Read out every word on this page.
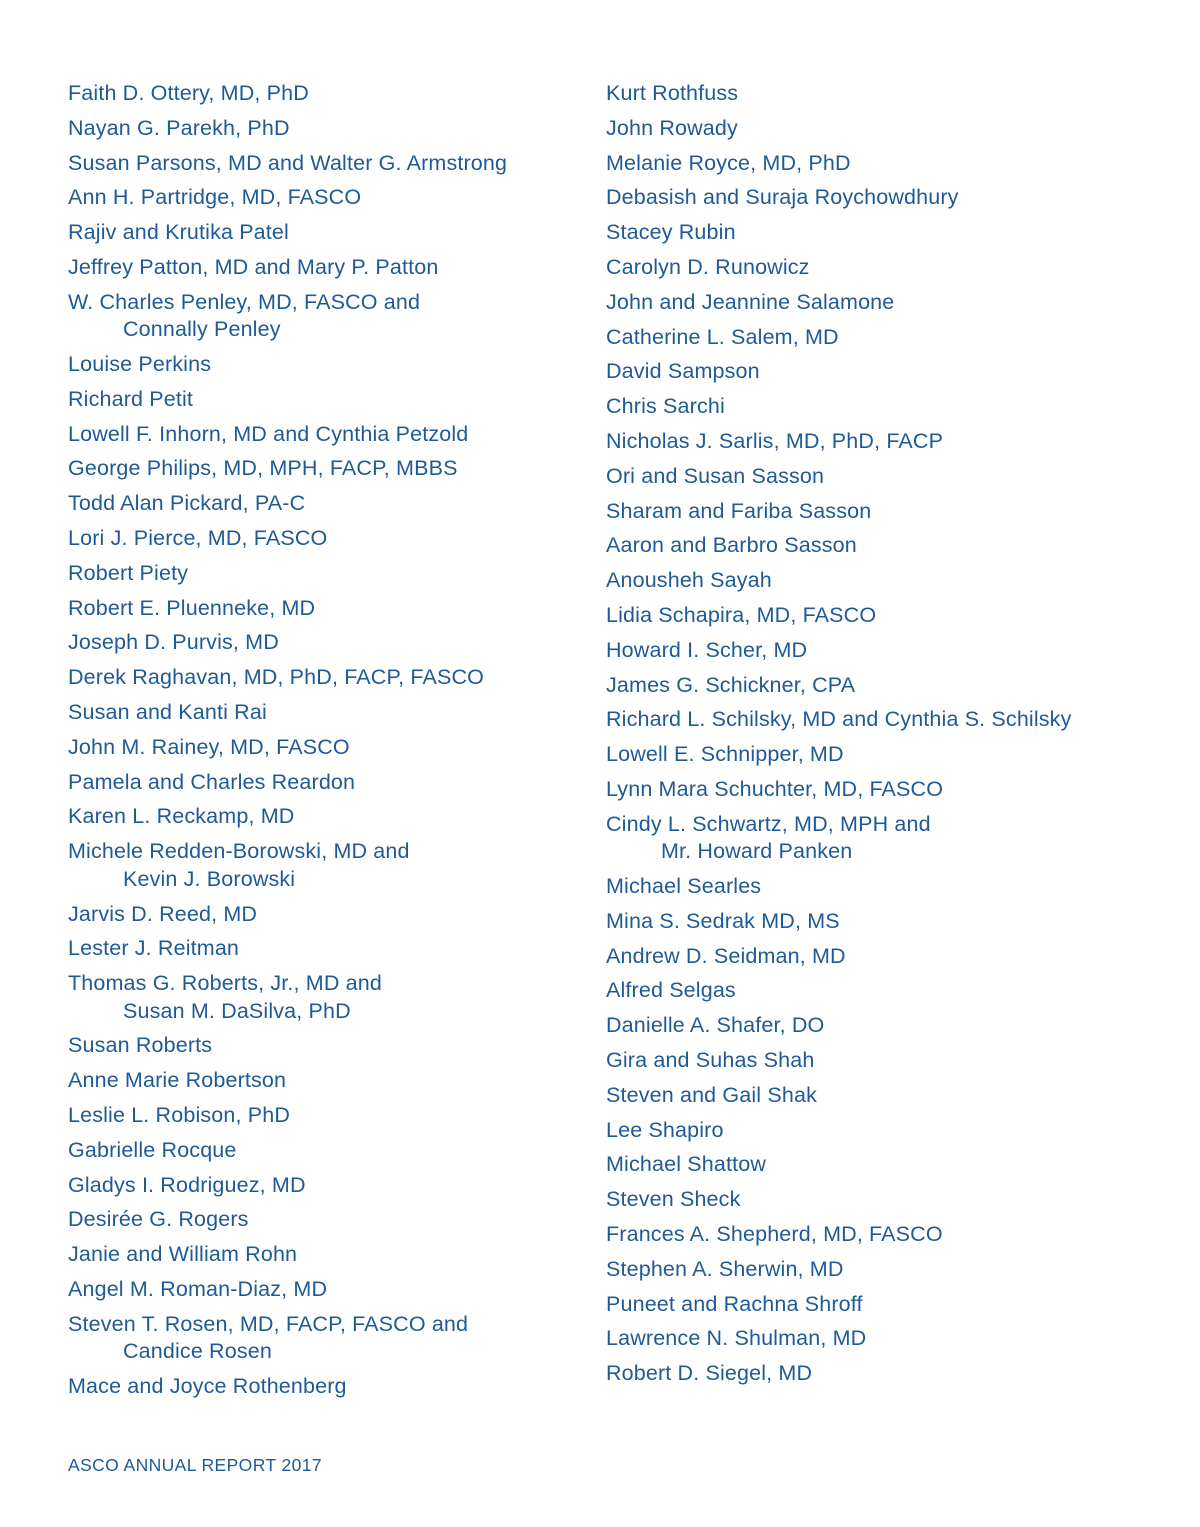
Faith D. Ottery, MD, PhD
Nayan G. Parekh, PhD
Susan Parsons, MD and Walter G. Armstrong
Ann H. Partridge, MD, FASCO
Rajiv and Krutika Patel
Jeffrey Patton, MD and Mary P. Patton
W. Charles Penley, MD, FASCO and
Connally Penley
Louise Perkins
Richard Petit
Lowell F. Inhorn, MD and Cynthia Petzold
George Philips, MD, MPH, FACP, MBBS
Todd Alan Pickard, PA-C
Lori J. Pierce, MD, FASCO
Robert Piety
Robert E. Pluenneke, MD
Joseph D. Purvis, MD
Derek Raghavan, MD, PhD, FACP, FASCO
Susan and Kanti Rai
John M. Rainey, MD, FASCO
Pamela and Charles Reardon
Karen L. Reckamp, MD
Michele Redden-Borowski, MD and
Kevin J. Borowski
Jarvis D. Reed, MD
Lester J. Reitman
Thomas G. Roberts, Jr., MD and
Susan M. DaSilva, PhD
Susan Roberts
Anne Marie Robertson
Leslie L. Robison, PhD
Gabrielle Rocque
Gladys I. Rodriguez, MD
Desirée G. Rogers
Janie and William Rohn
Angel M. Roman-Diaz, MD
Steven T. Rosen, MD, FACP, FASCO and
Candice Rosen
Mace and Joyce Rothenberg
Kurt Rothfuss
John Rowady
Melanie Royce, MD, PhD
Debasish and Suraja Roychowdhury
Stacey Rubin
Carolyn D. Runowicz
John and Jeannine Salamone
Catherine L. Salem, MD
David Sampson
Chris Sarchi
Nicholas J. Sarlis, MD, PhD, FACP
Ori and Susan Sasson
Sharam and Fariba Sasson
Aaron and Barbro Sasson
Anousheh Sayah
Lidia Schapira, MD, FASCO
Howard I. Scher, MD
James G. Schickner, CPA
Richard L. Schilsky, MD and Cynthia S. Schilsky
Lowell E. Schnipper, MD
Lynn Mara Schuchter, MD, FASCO
Cindy L. Schwartz, MD, MPH and
Mr. Howard Panken
Michael Searles
Mina S. Sedrak MD, MS
Andrew D. Seidman, MD
Alfred Selgas
Danielle A. Shafer, DO
Gira and Suhas Shah
Steven and Gail Shak
Lee Shapiro
Michael Shattow
Steven Sheck
Frances A. Shepherd, MD, FASCO
Stephen A. Sherwin, MD
Puneet and Rachna Shroff
Lawrence N. Shulman, MD
Robert D. Siegel, MD
ASCO ANNUAL REPORT 2017
